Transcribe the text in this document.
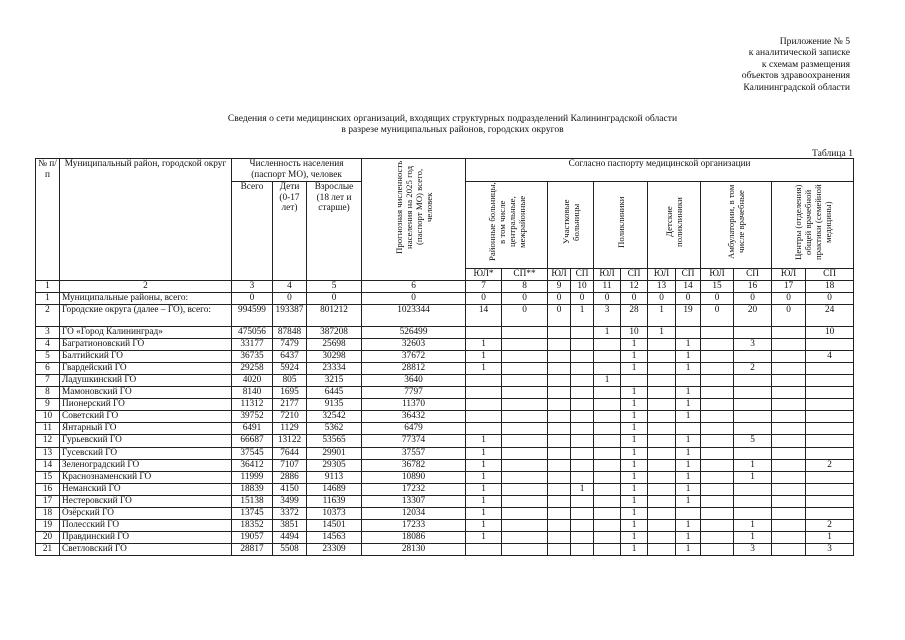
Приложение № 5
к аналитической записке
к схемам размещения
объектов здравоохранения
Калининградской области
Сведения о сети медицинских организаций, входящих структурных подразделений Калининградской области
в разрезе муниципальных районов, городских округов
Таблица 1
№ п/п	Муниципальный район, городской округ	Численность населения (паспорт МО), человек			Прогнозная численность населения на 2025 год (паспорт МО) всего, человек	Согласно паспорту медицинской организации											
		Всего	Дети (0-17 лет)	Взрослые (18 лет и старше)		Районные больницы, в том числе центральные, межрайонные		Участковые больницы		Поликлиники		Детские поликлиники		Амбулатории, в том числе врачебные		Центры (отделения) общей врачебной практики (семейной медицины)	

						ЮЛ*	СП**	ЮЛ	СП	ЮЛ	СП	ЮЛ	СП	ЮЛ	СП	ЮЛ	СП
1	2	3	4	5	6	7	8	9	10	11	12	13	14	15	16	17	18
1	Муниципальные районы, всего:	0	0	0	0	0	0	0	0	0	0	0	0	0	0	0	0
2	Городские округа (далее – ГО), всего:	994599	193387	801212	1023344	14	0	0	1	3	28	1	19	0	20	0	24
3	ГО «Город Калининград»	475056	87848	387208	526499					1	10	1					10
4	Багратионовский ГО	33177	7479	25698	32603	1					1		1		3		
5	Балтийский ГО	36735	6437	30298	37672	1					1		1				4
6	Гвардейский ГО	29258	5924	23334	28812	1					1		1		2		
7	Ладушкинский ГО	4020	805	3215	3640					1							
8	Мамоновский ГО	8140	1695	6445	7797						1		1				
9	Пионерский ГО	11312	2177	9135	11370						1		1				
10	Советский ГО	39752	7210	32542	36432						1		1				
11	Янтарный ГО	6491	1129	5362	6479						1						
12	Гурьевский ГО	66687	13122	53565	77374	1					1		1		5		
13	Гусевский ГО	37545	7644	29901	37557	1					1		1				
14	Зеленоградский ГО	36412	7107	29305	36782	1					1		1		1		2
15	Краснознаменский ГО	11999	2886	9113	10890	1					1		1		1		
16	Неманский ГО	18839	4150	14689	17232	1			1		1		1				
17	Нестеровский ГО	15138	3499	11639	13307	1					1		1				
18	Озёрский ГО	13745	3372	10373	12034	1					1						
19	Полесский ГО	18352	3851	14501	17233	1					1		1		1		2
20	Правдинский ГО	19057	4494	14563	18086	1					1		1		1		1
21	Светловский ГО	28817	5508	23309	28130						1		1		3		3
